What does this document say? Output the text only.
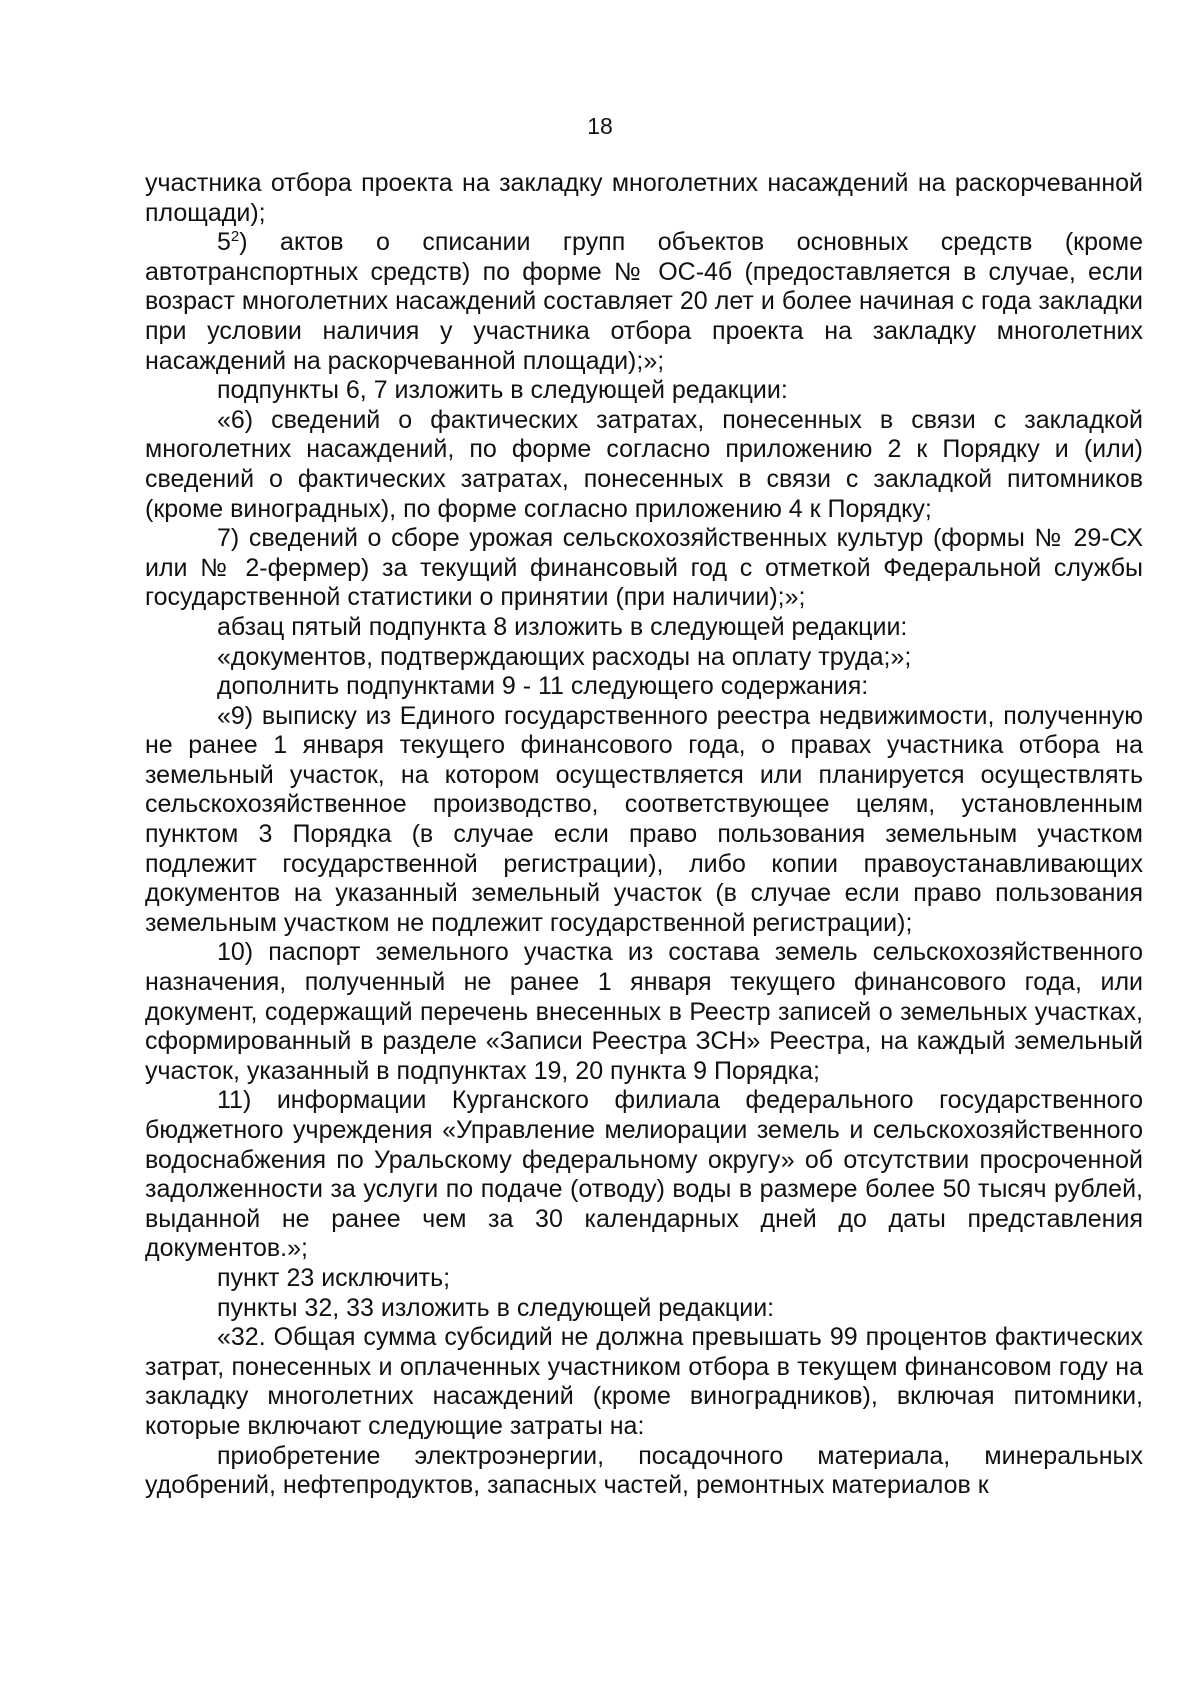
18

участника отбора проекта на закладку многолетних насаждений на раскорчеванной площади);

$5^2$) актов о списании групп объектов основных средств (кроме автотранспортных средств) по форме № ОС-4б (предоставляется в случае, если возраст многолетних насаждений составляет 20 лет и более начиная с года закладки при условии наличия у участника отбора проекта на закладку многолетних насаждений на раскорчеванной площади);»;

подпункты 6, 7 изложить в следующей редакции:

«6) сведений о фактических затратах, понесенных в связи с закладкой многолетних насаждений, по форме согласно приложению 2 к Порядку и (или) сведений о фактических затратах, понесенных в связи с закладкой питомников (кроме виноградных), по форме согласно приложению 4 к Порядку;

7) сведений о сборе урожая сельскохозяйственных культур (формы № 29-СХ или № 2-фермер) за текущий финансовый год с отметкой Федеральной службы государственной статистики о принятии (при наличии);»;

абзац пятый подпункта 8 изложить в следующей редакции:

«документов, подтверждающих расходы на оплату труда;»;

дополнить подпунктами 9 - 11 следующего содержания:

«9) выписку из Единого государственного реестра недвижимости, полученную не ранее 1 января текущего финансового года, о правах участника отбора на земельный участок, на котором осуществляется или планируется осуществлять сельскохозяйственное производство, соответствующее целям, установленным пунктом 3 Порядка (в случае если право пользования земельным участком подлежит государственной регистрации), либо копии правоустанавливающих документов на указанный земельный участок (в случае если право пользования земельным участком не подлежит государственной регистрации);

10) паспорт земельного участка из состава земель сельскохозяйственного назначения, полученный не ранее 1 января текущего финансового года, или документ, содержащий перечень внесенных в Реестр записей о земельных участках, сформированный в разделе «Записи Реестра ЗСН» Реестра, на каждый земельный участок, указанный в подпунктах 19, 20 пункта 9 Порядка;

11) информации Курганского филиала федерального государственного бюджетного учреждения «Управление мелиорации земель и сельскохозяйственного водоснабжения по Уральскому федеральному округу» об отсутствии просроченной задолженности за услуги по подаче (отводу) воды в размере более 50 тысяч рублей, выданной не ранее чем за 30 календарных дней до даты представления документов.»;

пункт 23 исключить;

пункты 32, 33 изложить в следующей редакции:

«32. Общая сумма субсидий не должна превышать 99 процентов фактических затрат, понесенных и оплаченных участником отбора в текущем финансовом году на закладку многолетних насаждений (кроме виноградников), включая питомники, которые включают следующие затраты на:

приобретение электроэнергии, посадочного материала, минеральных удобрений, нефтепродуктов, запасных частей, ремонтных материалов к
